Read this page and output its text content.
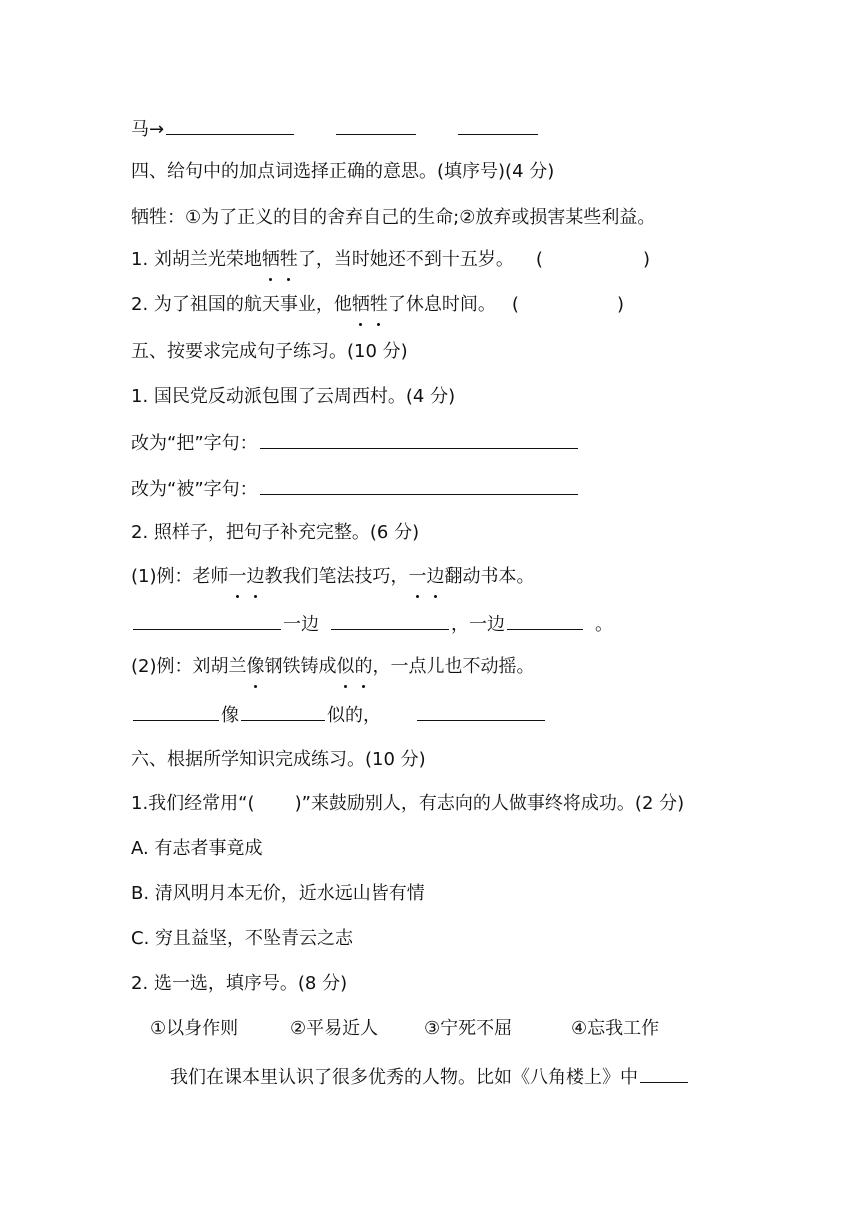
马→
四、给句中的加点词选择正确的意思。(填序号)(4 分)
牺牲：①为了正义的目的舍弃自己的生命;②放弃或损害某些利益。
1. 刘胡兰光荣地牺牲了，当时她还不到十五岁。 (	)
2. 为了祖国的航天事业，他牺牲了休息时间。 (	)
五、按要求完成句子练习。(10 分)
1. 国民党反动派包围了云周西村。(4 分)
改为“把”字句：
改为“被”字句：
2. 照样子，把句子补充完整。(6 分)
(1)例：老师一边教我们笔法技巧，一边翻动书本。
一边	，一边	。
(2)例：刘胡兰像钢铁铸成似的，一点儿也不动摇。
像	似的，
六、根据所学知识完成练习。(10 分)
1.我们经常用“(       )”来鼓励别人，有志向的人做事终将成功。(2 分)
A. 有志者事竟成
B. 清风明月本无价，近水远山皆有情
C. 穷且益坚，不坠青云之志
2. 选一选，填序号。(8 分)
①以身作则	②平易近人	③宁死不屈	④忘我工作
我们在课本里认识了很多优秀的人物。比如《八角楼上》中
